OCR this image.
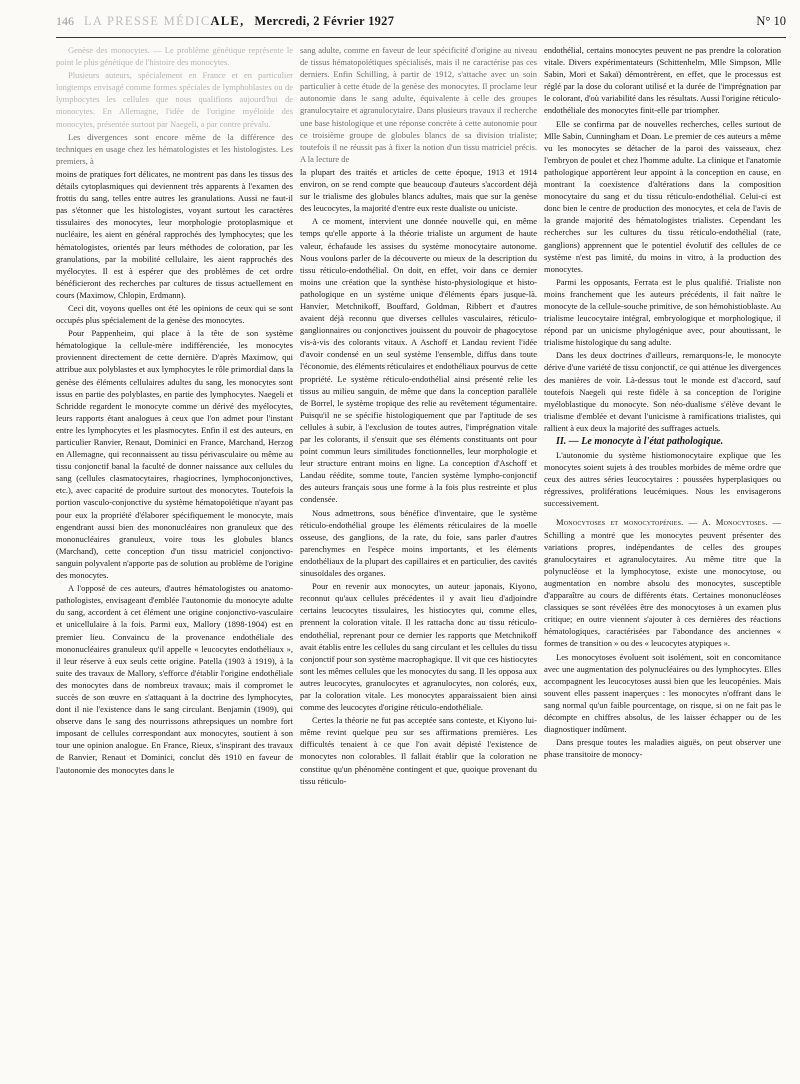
146 LA PRESSE MÉDICALE, Mercredi, 2 Février 1927	N° 10

Genèse des monocytes. — Le problème génétique représente le point le plus génétique de l'histoire des monocytes.

Plusieurs auteurs, spécialement en France et en particulier longtemps envisagé comme formes spéciales de lymphoblastes ou de lymphocytes les cellules que nous qualifions aujourd'hui de monocytes. En Allemagne, l'idée de l'origine myéloïde des monocytes, présentée surtout par Naegeli, a par contre prévalu.

Les divergences sont encore même de la différence des techniques en usage chez les hématologistes et les histologistes. Les premiers, à

moins de pratiques fort délicates, ne montrent pas dans les tissus des détails cytoplasmiques qui deviennent très apparents à l'examen des frottis du sang, telles entre autres les granulations. Aussi ne faut-il pas s'étonner que les histologistes, voyant surtout les caractères tissulaires des monocytes, leur morphologie protoplasmique et nucléaire, les aient en général rapprochés des lymphocytes; que les hématologistes, orientés par leurs méthodes de coloration, par les granulations, par la mobilité cellulaire, les aient rapprochés des myélocytes. Il est à espérer que des problèmes de cet ordre bénéficieront des recherches par cultures de tissus actuellement en cours (Maximow, Chlopin, Erdmann).

Ceci dit, voyons quelles ont été les opinions de ceux qui se sont occupés plus spécialement de la genèse des monocytes.

Pour Pappenheim, qui place à la tête de son système hématologique la cellule-mère indifférenciée, les monocytes proviennent directement de cette dernière. D'après Maximow, qui attribue aux polyblastes et aux lymphocytes le rôle primordial dans la genèse des éléments cellulaires adultes du sang, les monocytes sont issus en partie des polyblastes, en partie des lymphocytes. Naegeli et Schridde regardent le monocyte comme un dérivé des myélocytes, leurs rapports étant analogues à ceux que l'on admet pour l'instant entre les lymphocytes et les plasmocytes. Enfin il est des auteurs, en particulier Ranvier, Renaut, Dominici en France, Marchand, Herzog en Allemagne, qui reconnaissent au tissu périvasculaire ou même au tissu conjonctif banal la faculté de donner naissance aux cellules du sang (cellules clasmatocytaires, rhagiocrines, lymphoconjonctives, etc.), avec capacité de produire surtout des monocytes. Toutefois la portion vasculo-conjonctive du système hématopoïétique n'ayant pas pour eux la propriété d'élaborer spécifiquement le monocyte, mais engendrant aussi bien des mononucléaires non granuleux que des mononucléaires granuleux, voire tous les globules blancs (Marchand), cette conception d'un tissu matriciel conjonctivo-sanguin polyvalent n'apporte pas de solution au problème de l'origine des monocytes.

A l'opposé de ces auteurs, d'autres hématologistes ou anatomo-pathologistes, envisageant d'emblée l'autonomie du monocyte adulte du sang, accordent à cet élément une origine conjonctivo-vasculaire et unicellulaire à la fois. Parmi eux, Mallory (1898-1904) est en premier lieu. Convaincu de la provenance endothéliale des mononucléaires granuleux qu'il appelle « leucocytes endothéliaux », il leur réserve à eux seuls cette origine. Patella (1903 à 1919), à la suite des travaux de Mallory, s'efforce d'établir l'origine endothéliale des monocytes dans de nombreux travaux; mais il compromet le succès de son œuvre en s'attaquant à la doctrine des lymphocytes, dont il nie l'existence dans le sang circulant. Benjamin (1909), qui observe dans le sang des nourrissons athrepsiques un nombre fort imposant de cellules correspondant aux monocytes, soutient à son tour une opinion analogue. En France, Rieux, s'inspirant des travaux de Ranvier, Renaut et Dominici, conclut dès 1910 en faveur de l'autonomie des monocytes dans le

sang adulte, comme en faveur de leur spécificité d'origine au niveau de tissus hématopoïétiques spécialisés, mais il ne caractérise pas ces derniers. Enfin Schilling, à partir de 1912, s'attache avec un soin particulier à cette étude de la genèse des monocytes. Il proclame leur autonomie dans le sang adulte, équivalente à celle des groupes granulocytaire et agranulocytaire. Dans plusieurs travaux il recherche une base histologique et une réponse concrète à cette autonomie pour ce troisième groupe de globules blancs de sa division trialiste; toutefois il ne réussit pas à fixer la notion d'un tissu matriciel précis. A la lecture de

la plupart des traités et articles de cette époque, 1913 et 1914 environ, on se rend compte que beaucoup d'auteurs s'accordent déjà sur le trialisme des globules blancs adultes, mais que sur la genèse des leucocytes, la majorité d'entre eux reste dualiste ou uniciste.

A ce moment, intervient une donnée nouvelle qui, en même temps qu'elle apporte à la théorie trialiste un argument de haute valeur, échafaude les assises du système monocytaire autonome. Nous voulons parler de la découverte ou mieux de la description du tissu réticulo-endothélial. On doit, en effet, voir dans ce dernier moins une création que la synthèse histo-physiologique et histo-pathologique en un système unique d'éléments épars jusque-là. Hanvier, Metchnikoff, Bouffard, Goldman, Ribbert et d'autres avaient déjà reconnu que diverses cellules vasculaires, réticulo-ganglionnaires ou conjonctives jouissent du pouvoir de phagocytose vis-à-vis des colorants vitaux. A Aschoff et Landau revient l'idée d'avoir condensé en un seul système l'ensemble, diffus dans toute l'économie, des éléments réticulaires et endothéliaux pourvus de cette propriété. Le système réticulo-endothélial ainsi présenté relie les tissus au milieu sanguin, de même que dans la conception parallèle de Borrel, le système tropique des relie au revêtement tégumentaire. Puisqu'il ne se spécifie histologiquement que par l'aptitude de ses cellules à subir, à l'exclusion de toutes autres, l'imprégnation vitale par les colorants, il s'ensuit que ses éléments constituants ont pour point commun leurs similitudes fonctionnelles, leur morphologie et leur structure entrant moins en ligne. La conception d'Aschoff et Landau réédite, somme toute, l'ancien système lympho-conjonctif des auteurs français sous une forme à la fois plus restreinte et plus condensée.

Nous admettrons, sous bénéfice d'inventaire, que le système réticulo-endothélial groupe les éléments réticulaires de la moelle osseuse, des ganglions, de la rate, du foie, sans parler d'autres parenchymes en l'espèce moins importants, et les éléments endothéliaux de la plupart des capillaires et en particulier, des cavités sinusoïdales des organes.

Pour en revenir aux monocytes, un auteur japonais, Kiyono, reconnut qu'aux cellules précédentes il y avait lieu d'adjoindre certains leucocytes tissulaires, les histiocytes qui, comme elles, prennent la coloration vitale. Il les rattacha donc au tissu réticulo-endothélial, reprenant pour ce dernier les rapports que Metchnikoff avait établis entre les cellules du sang circulant et les cellules du tissu conjonctif pour son système macrophagique. Il vit que ces histiocytes sont les mêmes cellules que les monocytes du sang. Il les opposa aux autres leucocytes, granulocytes et agranulocytes, non colorés, eux, par la coloration vitale. Les monocytes apparaissaient bien ainsi comme des leucocytes d'origine réticulo-endothéliale.

Certes la théorie ne fut pas acceptée sans conteste, et Kiyono lui-même revint quelque peu sur ses affirmations premières. Les difficultés tenaient à ce que l'on avait dépisté l'existence de monocytes non colorables. Il fallait établir que la coloration ne constitue qu'un phénomène contingent et que, quoique provenant du tissu réticulo-

endothélial, certains monocytes peuvent ne pas prendre la coloration vitale. Divers expérimentateurs (Schittenhelm, Mlle Simpson, Mlle Sabin, Mori et Sakaï) démontrèrent, en effet, que le processus est réglé par la dose du colorant utilisé et la durée de l'imprégnation par le colorant, d'où variabilité dans les résultats. Aussi l'origine réticulo-endothéliale des monocytes finit-elle par triompher.

Elle se confirma par de nouvelles recherches, celles surtout de Mlle Sabin, Cunningham et Doan. Le premier de ces auteurs a même vu les monocytes se détacher de la paroi des vaisseaux, chez l'embryon de poulet et chez l'homme adulte. La clinique et l'anatomie pathologique apportèrent leur appoint à la conception en cause, en montrant la coexistence d'altérations dans la composition monocytaire du sang et du tissu réticulo-endothélial. Celui-ci est donc bien le centre de production des monocytes, et cela de l'avis de la grande majorité des hématologistes trialistes. Cependant les recherches sur les cultures du tissu réticulo-endothélial (rate, ganglions) apprennent que le potentiel évolutif des cellules de ce système n'est pas limité, du moins in vitro, à la production des monocytes.

Parmi les opposants, Ferrata est le plus qualifié. Trialiste non moins franchement que les auteurs précédents, il fait naître le monocyte de la cellule-souche primitive, de son hémohistioblaste. Au trialisme leucocytaire intégral, embryologique et morphologique, il répond par un unicisme phylogénique avec, pour aboutissant, le trialisme histologique du sang adulte.

Dans les deux doctrines d'ailleurs, remarquons-le, le monocyte dérive d'une variété de tissu conjonctif, ce qui atténue les divergences des manières de voir. Là-dessus tout le monde est d'accord, sauf toutefois Naegeli qui reste fidèle à sa conception de l'origine myéloblastique du monocyte. Son néo-dualisme s'élève devant le trialisme d'emblée et devant l'unicisme à ramifications trialistes, qui rallient à eux deux la majorité des suffrages actuels.

II. — Le monocyte à l'état pathologique.

L'autonomie du système histiomonocytaire explique que les monocytes soient sujets à des troubles morbides de même ordre que ceux des autres séries leucocytaires : poussées hyperplasiques ou régressives, proliférations leucémiques. Nous les envisagerons successivement.

Monocytoses et monocytopénies. — A. Monocytoses. — Schilling a montré que les monocytes peuvent présenter des variations propres, indépendantes de celles des groupes granulocytaires et agranulocytaires. Au même titre que la polynucléose et la lymphocytose, existe une monocytose, ou augmentation en nombre absolu des monocytes, susceptible d'apparaître au cours de différents états. Certaines mononucléoses classiques se sont révélées être des monocytoses à un examen plus critique; en outre viennent s'ajouter à ces dernières des réactions hématologiques, caractérisées par l'abondance des anciennes « formes de transition » ou des « leucocytes atypiques ».

Les monocytoses évoluent soit isolément, soit en concomitance avec une augmentation des polynucléaires ou des lymphocytes. Elles accompagnent les leucocytoses aussi bien que les leucopénies. Mais souvent elles passent inaperçues : les monocytes n'offrant dans le sang normal qu'un faible pourcentage, on risque, si on ne fait pas le décompte en chiffres absolus, de les laisser échapper ou de les diagnostiquer indûment.

Dans presque toutes les maladies aiguës, on peut observer une phase transitoire de monocy-
